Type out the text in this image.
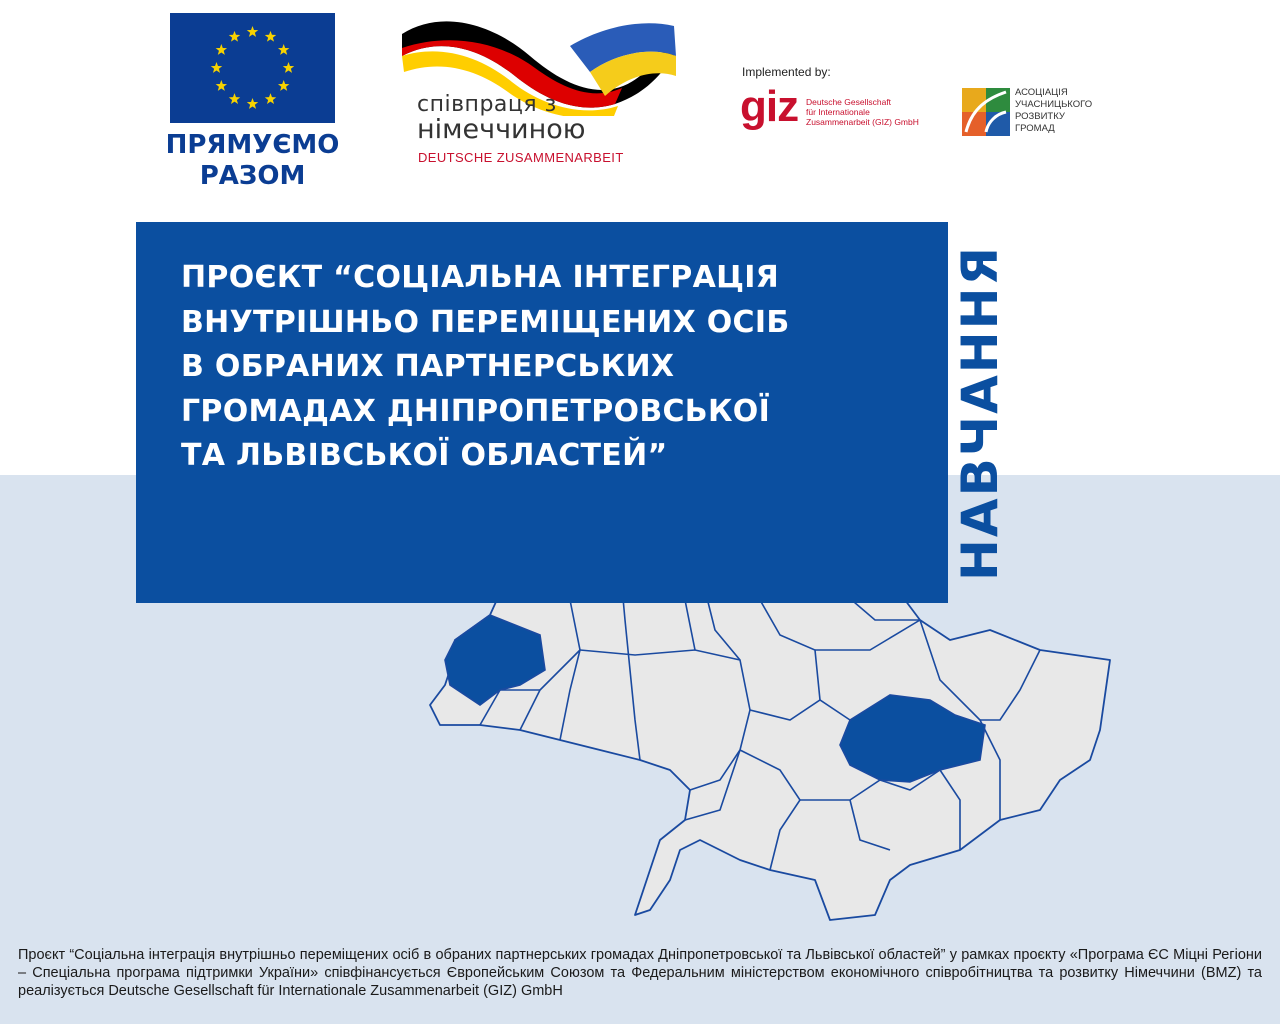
ПРЯМУЄМО
РАЗОМ
співпраця з
німеччиною
DEUTSCHE ZUSAMMENARBEIT
Implemented by:
giz Deutsche Gesellschaft
für Internationale
Zusammenarbeit (GIZ) GmbH
АСОЦІАЦІЯ
УЧАСНИЦЬКОГО
РОЗВИТКУ
ГРОМАД
ПРОЄКТ “СОЦІАЛЬНА ІНТЕГРАЦІЯ
ВНУТРІШНЬО ПЕРЕМІЩЕНИХ ОСІБ
В ОБРАНИХ ПАРТНЕРСЬКИХ
ГРОМАДАХ ДНІПРОПЕТРОВСЬКОЇ
ТА ЛЬВІВСЬКОЇ ОБЛАСТЕЙ”	НАВЧАННЯ
Проєкт “Соціальна інтеграція внутрішньо переміщених осіб в обраних партнерських громадах Дніпропетровської та Львівської областей” у рамках проєкту «Програма ЄС Міцні Регіони – Спеціальна програма підтримки України» співфінансується Європейським Союзом та Федеральним міністерством економічного співробітництва та розвитку Німеччини (BMZ) та реалізується Deutsche Gesellschaft für Internationale Zusammenarbeit (GIZ) GmbH
